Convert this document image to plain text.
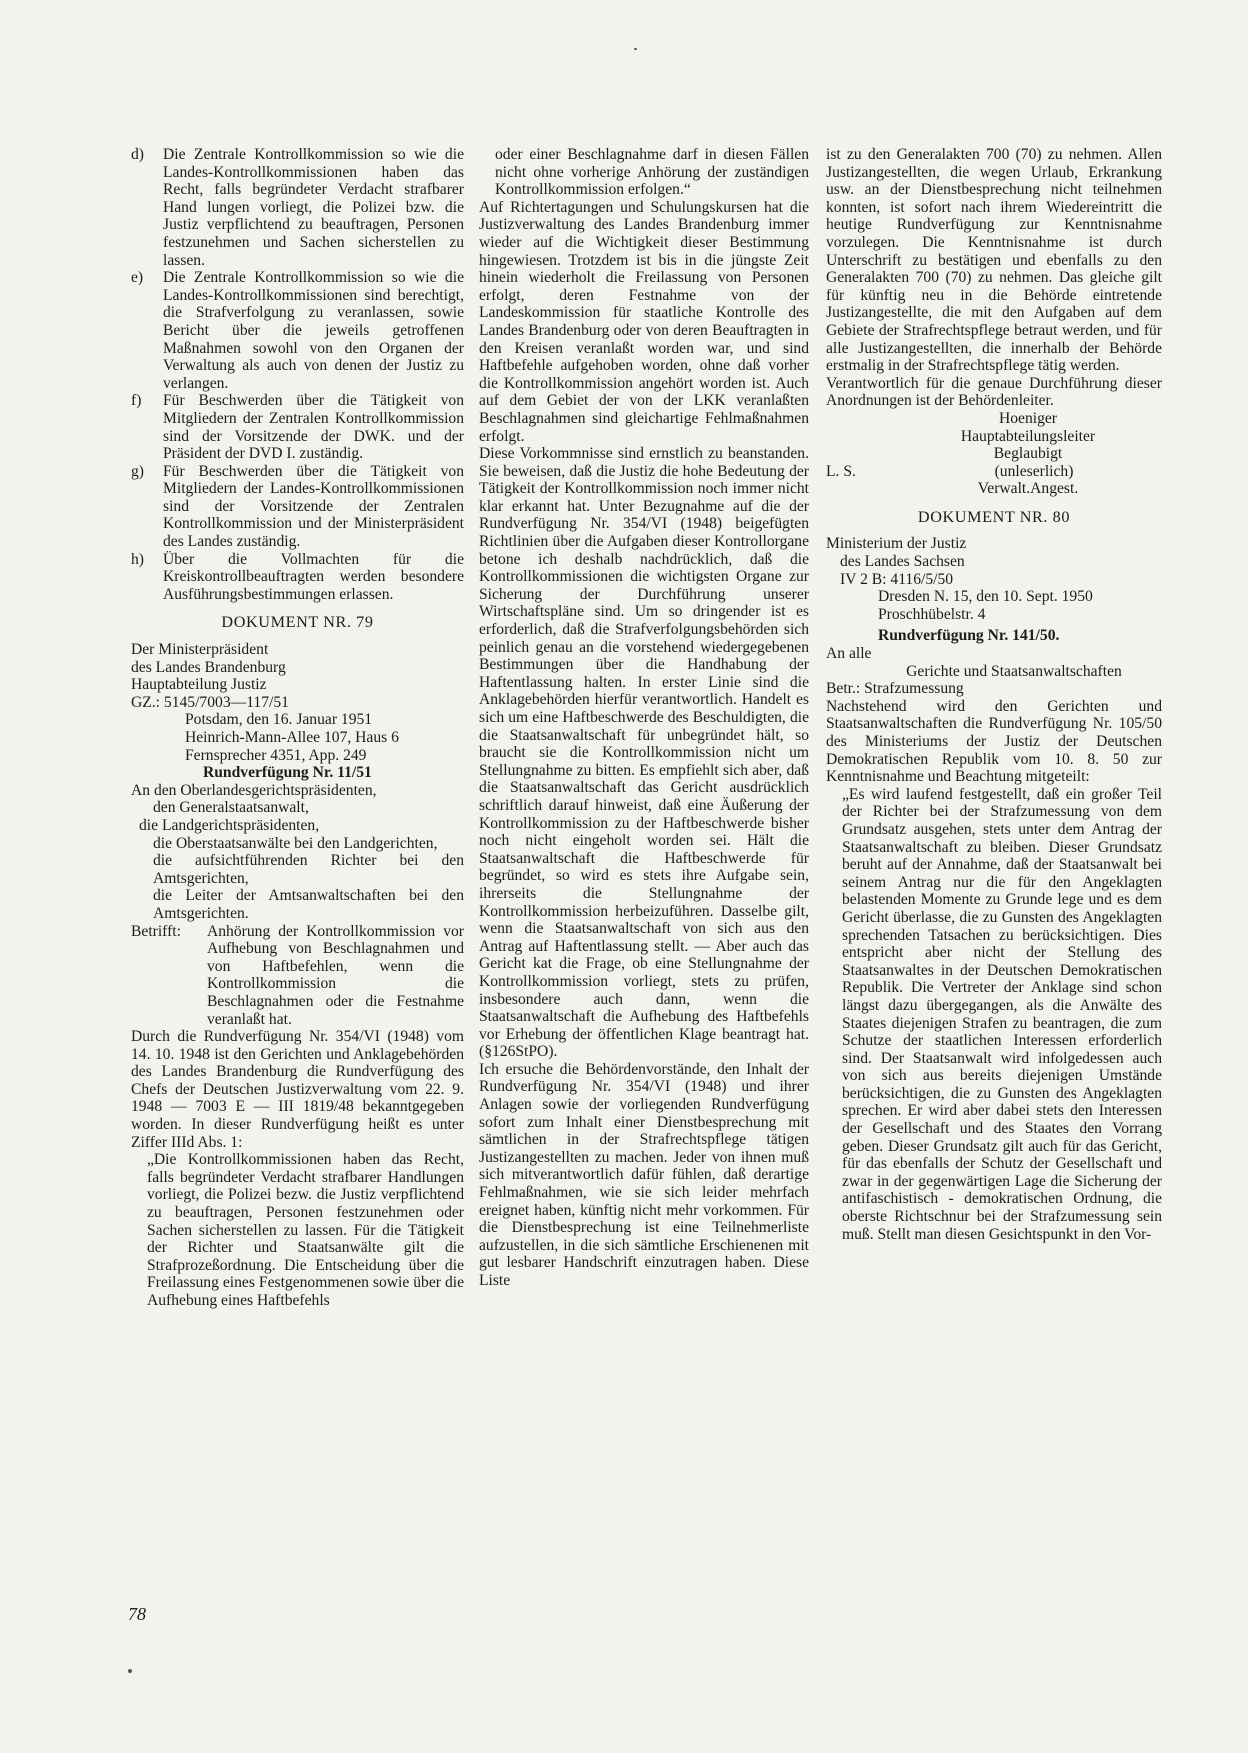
d)	Die Zentrale Kontrollkommission so wie die Landes-Kontrollkommissionen haben das Recht, falls begründeter Verdacht strafbarer Hand lungen vorliegt, die Polizei bzw. die Justiz verpflichtend zu beauftragen, Personen festzunehmen und Sachen sicherstellen zu lassen.
e)	Die Zentrale Kontrollkommission so wie die Landes-Kontrollkommissionen sind berechtigt, die Strafverfolgung zu veranlassen, sowie Bericht über die jeweils getroffenen Maßnahmen sowohl von den Organen der Verwaltung als auch von denen der Justiz zu verlangen.
f)	Für Beschwerden über die Tätigkeit von Mitgliedern der Zentralen Kontrollkommission sind der Vorsitzende der DWK. und der Präsident der DVD I. zuständig.
g)	Für Beschwerden über die Tätigkeit von Mitgliedern der Landes-Kontrollkommissionen sind der Vorsitzende der Zentralen Kontrollkommission und der Ministerpräsident des Landes zuständig.
h)	Über die Vollmachten für die Kreiskontrollbeauftragten werden besondere Ausführungsbestimmungen erlassen.
DOKUMENT NR. 79

Der Ministerpräsident

des Landes Brandenburg

Hauptabteilung Justiz

GZ.: 5145/7003—117/51

Potsdam, den 16. Januar 1951

Heinrich-Mann-Allee 107, Haus 6

Fernsprecher 4351, App. 249

Rundverfügung Nr. 11/51

An den Oberlandesgerichtspräsidenten,

den Generalstaatsanwalt,

die Landgerichtspräsidenten,

die Oberstaatsanwälte bei den Landgerichten,

die aufsichtführenden Richter bei den Amtsgerichten,

die Leiter der Amtsanwaltschaften bei den Amtsgerichten.

Betrifft:	Anhörung der Kontrollkommission vor Aufhebung von Beschlagnahmen und von Haftbefehlen, wenn die Kontrollkommission die Beschlagnahmen oder die Festnahme veranlaßt hat.

Durch die Rundverfügung Nr. 354/VI (1948) vom 14. 10. 1948 ist den Gerichten und Anklagebehörden des Landes Brandenburg die Rundverfügung des Chefs der Deutschen Justizverwaltung vom 22. 9. 1948 — 7003 E — III 1819/48 bekanntgegeben worden. In dieser Rundverfügung heißt es unter Ziffer IIId Abs. 1:

„Die Kontrollkommissionen haben das Recht, falls begründeter Verdacht strafbarer Handlungen vorliegt, die Polizei bezw. die Justiz verpflichtend zu beauftragen, Personen festzunehmen oder Sachen sicherstellen zu lassen. Für die Tätigkeit der Richter und Staatsanwälte gilt die Strafprozeßordnung. Die Entscheidung über die Freilassung eines Festgenommenen sowie über die Aufhebung eines Haftbefehls

oder einer Beschlagnahme darf in diesen Fällen nicht ohne vorherige Anhörung der zuständigen Kontrollkommission erfolgen.“

Auf Richtertagungen und Schulungskursen hat die Justizverwaltung des Landes Brandenburg immer wieder auf die Wichtigkeit dieser Bestimmung hingewiesen. Trotzdem ist bis in die jüngste Zeit hinein wiederholt die Freilassung von Personen erfolgt, deren Festnahme von der Landeskommission für staatliche Kontrolle des Landes Brandenburg oder von deren Beauftragten in den Kreisen veranlaßt worden war, und sind Haftbefehle aufgehoben worden, ohne daß vorher die Kontrollkommission angehört worden ist. Auch auf dem Gebiet der von der LKK veranlaßten Beschlagnahmen sind gleichartige Fehlmaßnahmen erfolgt.

Diese Vorkommnisse sind ernstlich zu beanstanden. Sie beweisen, daß die Justiz die hohe Bedeutung der Tätigkeit der Kontrollkommission noch immer nicht klar erkannt hat. Unter Bezugnahme auf die der Rundverfügung Nr. 354/VI (1948) beigefügten Richtlinien über die Aufgaben dieser Kontrollorgane betone ich deshalb nachdrücklich, daß die Kontrollkommissionen die wichtigsten Organe zur Sicherung der Durchführung unserer Wirtschaftspläne sind. Um so dringender ist es erforderlich, daß die Strafverfolgungsbehörden sich peinlich genau an die vorstehend wiedergegebenen Bestimmungen über die Handhabung der Haftentlassung halten. In erster Linie sind die Anklagebehörden hierfür verantwortlich. Handelt es sich um eine Haftbeschwerde des Beschuldigten, die die Staatsanwaltschaft für unbegründet hält, so braucht sie die Kontrollkommission nicht um Stellungnahme zu bitten. Es empfiehlt sich aber, daß die Staatsanwaltschaft das Gericht ausdrücklich schriftlich darauf hinweist, daß eine Äußerung der Kontrollkommission zu der Haftbeschwerde bisher noch nicht eingeholt worden sei. Hält die Staatsanwaltschaft die Haftbeschwerde für begründet, so wird es stets ihre Aufgabe sein, ihrerseits die Stellungnahme der Kontrollkommission herbeizuführen. Dasselbe gilt, wenn die Staatsanwaltschaft von sich aus den Antrag auf Haftentlassung stellt. — Aber auch das Gericht kat die Frage, ob eine Stellungnahme der Kontrollkommission vorliegt, stets zu prüfen, insbesondere auch dann, wenn die Staatsanwaltschaft die Aufhebung des Haftbefehls vor Erhebung der öffentlichen Klage beantragt hat. (§126StPO).

Ich ersuche die Behördenvorstände, den Inhalt der Rundverfügung Nr. 354/VI (1948) und ihrer Anlagen sowie der vorliegenden Rundverfügung sofort zum Inhalt einer Dienstbesprechung mit sämtlichen in der Strafrechtspflege tätigen Justizangestellten zu machen. Jeder von ihnen muß sich mitverantwortlich dafür fühlen, daß derartige Fehlmaßnahmen, wie sie sich leider mehrfach ereignet haben, künftig nicht mehr vorkommen. Für die Dienstbesprechung ist eine Teilnehmerliste aufzustellen, in die sich sämtliche Erschienenen mit gut lesbarer Handschrift einzutragen haben. Diese Liste

ist zu den Generalakten 700 (70) zu nehmen. Allen Justizangestellten, die wegen Urlaub, Erkrankung usw. an der Dienstbesprechung nicht teilnehmen konnten, ist sofort nach ihrem Wiedereintritt die heutige Rundverfügung zur Kenntnisnahme vorzulegen. Die Kenntnisnahme ist durch Unterschrift zu bestätigen und ebenfalls zu den Generalakten 700 (70) zu nehmen. Das gleiche gilt für künftig neu in die Behörde eintretende Justizangestellte, die mit den Aufgaben auf dem Gebiete der Strafrechtspflege betraut werden, und für alle Justizangestellten, die innerhalb der Behörde erstmalig in der Strafrechtspflege tätig werden.

Verantwortlich für die genaue Durchführung dieser Anordnungen ist der Behördenleiter.

Hoeniger

Hauptabteilungsleiter

Beglaubigt

L. S.	(unleserlich)

Verwalt.Angest.

DOKUMENT NR. 80

Ministerium der Justiz

des Landes Sachsen

IV 2 B: 4116/5/50

Dresden N. 15, den 10. Sept. 1950

Proschhübelstr. 4

Rundverfügung Nr. 141/50.

An alle

Gerichte und Staatsanwaltschaften

Betr.: Strafzumessung

Nachstehend wird den Gerichten und Staatsanwaltschaften die Rundverfügung Nr. 105/50 des Ministeriums der Justiz der Deutschen Demokratischen Republik vom 10. 8. 50 zur Kenntnisnahme und Beachtung mitgeteilt:

„Es wird laufend festgestellt, daß ein großer Teil der Richter bei der Strafzumessung von dem Grundsatz ausgehen, stets unter dem Antrag der Staatsanwaltschaft zu bleiben. Dieser Grundsatz beruht auf der Annahme, daß der Staatsanwalt bei seinem Antrag nur die für den Angeklagten belastenden Momente zu Grunde lege und es dem Gericht überlasse, die zu Gunsten des Angeklagten sprechenden Tatsachen zu berücksichtigen. Dies entspricht aber nicht der Stellung des Staatsanwaltes in der Deutschen Demokratischen Republik. Die Vertreter der Anklage sind schon längst dazu übergegangen, als die Anwälte des Staates diejenigen Strafen zu beantragen, die zum Schutze der staatlichen Interessen erforderlich sind. Der Staatsanwalt wird infolgedessen auch von sich aus bereits diejenigen Umstände berücksichtigen, die zu Gunsten des Angeklagten sprechen. Er wird aber dabei stets den Interessen der Gesellschaft und des Staates den Vorrang geben. Dieser Grundsatz gilt auch für das Gericht, für das ebenfalls der Schutz der Gesellschaft und zwar in der gegenwärtigen Lage die Sicherung der antifaschistisch - demokratischen Ordnung, die oberste Richtschnur bei der Strafzumessung sein muß. Stellt man diesen Gesichtspunkt in den Vor-

78
